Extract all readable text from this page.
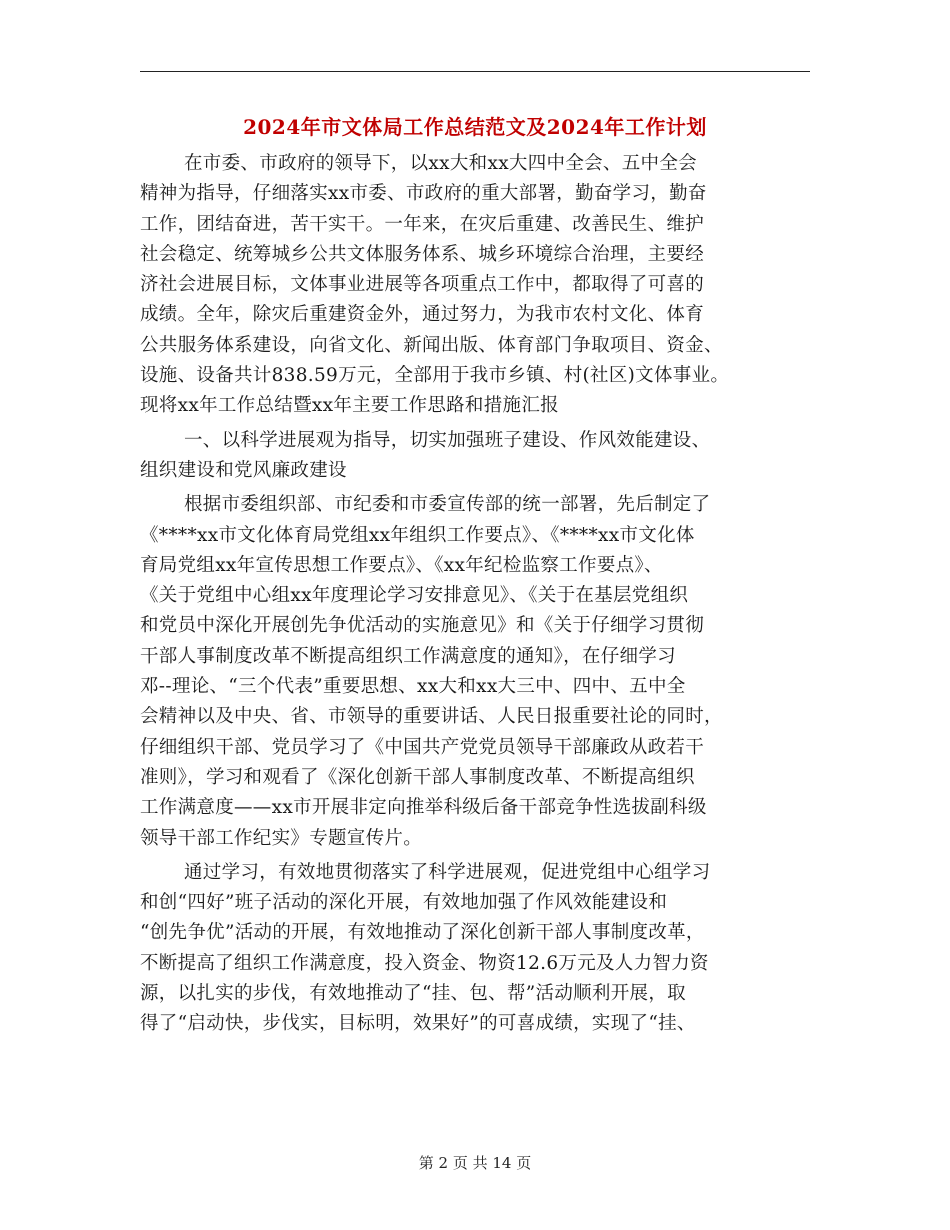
2024年市文体局工作总结范文及2024年工作计划
在市委、市政府的领导下，以xx大和xx大四中全会、五中全会
精神为指导，仔细落实xx市委、市政府的重大部署，勤奋学习，勤奋
工作，团结奋进，苦干实干。一年来，在灾后重建、改善民生、维护
社会稳定、统筹城乡公共文体服务体系、城乡环境综合治理，主要经
济社会进展目标，文体事业进展等各项重点工作中，都取得了可喜的
成绩。全年，除灾后重建资金外，通过努力，为我市农村文化、体育
公共服务体系建设，向省文化、新闻出版、体育部门争取项目、资金、
设施、设备共计838.59万元，全部用于我市乡镇、村(社区)文体事业。
现将xx年工作总结暨xx年主要工作思路和措施汇报
一、以科学进展观为指导，切实加强班子建设、作风效能建设、
组织建设和党风廉政建设
根据市委组织部、市纪委和市委宣传部的统一部署，先后制定了
《****xx市文化体育局党组xx年组织工作要点》、《****xx市文化体
育局党组xx年宣传思想工作要点》、《xx年纪检监察工作要点》、
《关于党组中心组xx年度理论学习安排意见》、《关于在基层党组织
和党员中深化开展创先争优活动的实施意见》和《关于仔细学习贯彻
干部人事制度改革不断提高组织工作满意度的通知》，在仔细学习
邓--理论、“三个代表”重要思想、xx大和xx大三中、四中、五中全
会精神以及中央、省、市领导的重要讲话、人民日报重要社论的同时，
仔细组织干部、党员学习了《中国共产党党员领导干部廉政从政若干
准则》，学习和观看了《深化创新干部人事制度改革、不断提高组织
工作满意度——xx市开展非定向推举科级后备干部竞争性选拔副科级
领导干部工作纪实》专题宣传片。
通过学习，有效地贯彻落实了科学进展观，促进党组中心组学习
和创“四好”班子活动的深化开展，有效地加强了作风效能建设和
“创先争优”活动的开展，有效地推动了深化创新干部人事制度改革，
不断提高了组织工作满意度，投入资金、物资12.6万元及人力智力资
源，以扎实的步伐，有效地推动了“挂、包、帮”活动顺利开展，取
得了“启动快，步伐实，目标明，效果好”的可喜成绩，实现了“挂、
第 2 页 共 14 页
